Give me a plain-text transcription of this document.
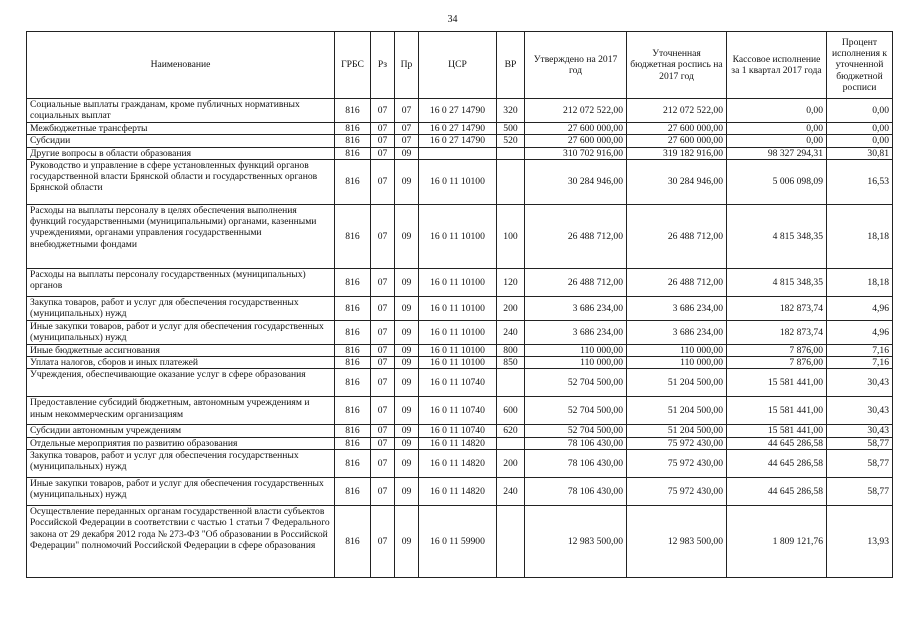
34
Наименование	ГРБС	Рз	Пр	ЦСР	ВР	Утверждено на 2017 год	Уточненная бюджетная роспись на 2017 год	Кассовое исполнение за 1 квартал 2017 года	Процент исполнения к уточненной бюджетной росписи
Социальные выплаты гражданам, кроме публичных нормативных социальных выплат	816	07	07	16 0 27 14790	320	212 072 522,00	212 072 522,00	0,00	0,00
Межбюджетные трансферты	816	07	07	16 0 27 14790	500	27 600 000,00	27 600 000,00	0,00	0,00
Субсидии	816	07	07	16 0 27 14790	520	27 600 000,00	27 600 000,00	0,00	0,00
Другие вопросы в области образования	816	07	09			310 702 916,00	319 182 916,00	98 327 294,31	30,81
Руководство и управление в сфере установленных функций органов государственной власти Брянской области и государственных органов Брянской области	816	07	09	16 0 11 10100		30 284 946,00	30 284 946,00	5 006 098,09	16,53
Расходы на выплаты персоналу в целях обеспечения выполнения функций государственными (муниципальными) органами, казенными учреждениями, органами управления государственными внебюджетными фондами	816	07	09	16 0 11 10100	100	26 488 712,00	26 488 712,00	4 815 348,35	18,18
Расходы на выплаты персоналу государственных (муниципальных) органов	816	07	09	16 0 11 10100	120	26 488 712,00	26 488 712,00	4 815 348,35	18,18
Закупка товаров, работ и услуг для обеспечения государственных (муниципальных) нужд	816	07	09	16 0 11 10100	200	3 686 234,00	3 686 234,00	182 873,74	4,96
Иные закупки товаров, работ и услуг для обеспечения государственных (муниципальных) нужд	816	07	09	16 0 11 10100	240	3 686 234,00	3 686 234,00	182 873,74	4,96
Иные бюджетные ассигнования	816	07	09	16 0 11 10100	800	110 000,00	110 000,00	7 876,00	7,16
Уплата налогов, сборов и иных платежей	816	07	09	16 0 11 10100	850	110 000,00	110 000,00	7 876,00	7,16
Учреждения, обеспечивающие оказание услуг в сфере образования	816	07	09	16 0 11 10740		52 704 500,00	51 204 500,00	15 581 441,00	30,43
Предоставление субсидий бюджетным, автономным учреждениям и иным некоммерческим организациям	816	07	09	16 0 11 10740	600	52 704 500,00	51 204 500,00	15 581 441,00	30,43
Субсидии автономным учреждениям	816	07	09	16 0 11 10740	620	52 704 500,00	51 204 500,00	15 581 441,00	30,43
Отдельные мероприятия по развитию образования	816	07	09	16 0 11 14820		78 106 430,00	75 972 430,00	44 645 286,58	58,77
Закупка товаров, работ и услуг для обеспечения государственных (муниципальных) нужд	816	07	09	16 0 11 14820	200	78 106 430,00	75 972 430,00	44 645 286,58	58,77
Иные закупки товаров, работ и услуг для обеспечения государственных (муниципальных) нужд	816	07	09	16 0 11 14820	240	78 106 430,00	75 972 430,00	44 645 286,58	58,77
Осуществление переданных органам государственной власти субъектов Российской Федерации в соответствии с частью 1 статьи 7 Федерального закона от 29 декабря 2012 года № 273-ФЗ "Об образовании в Российской Федерации" полномочий Российской Федерации в сфере образования	816	07	09	16 0 11 59900		12 983 500,00	12 983 500,00	1 809 121,76	13,93
